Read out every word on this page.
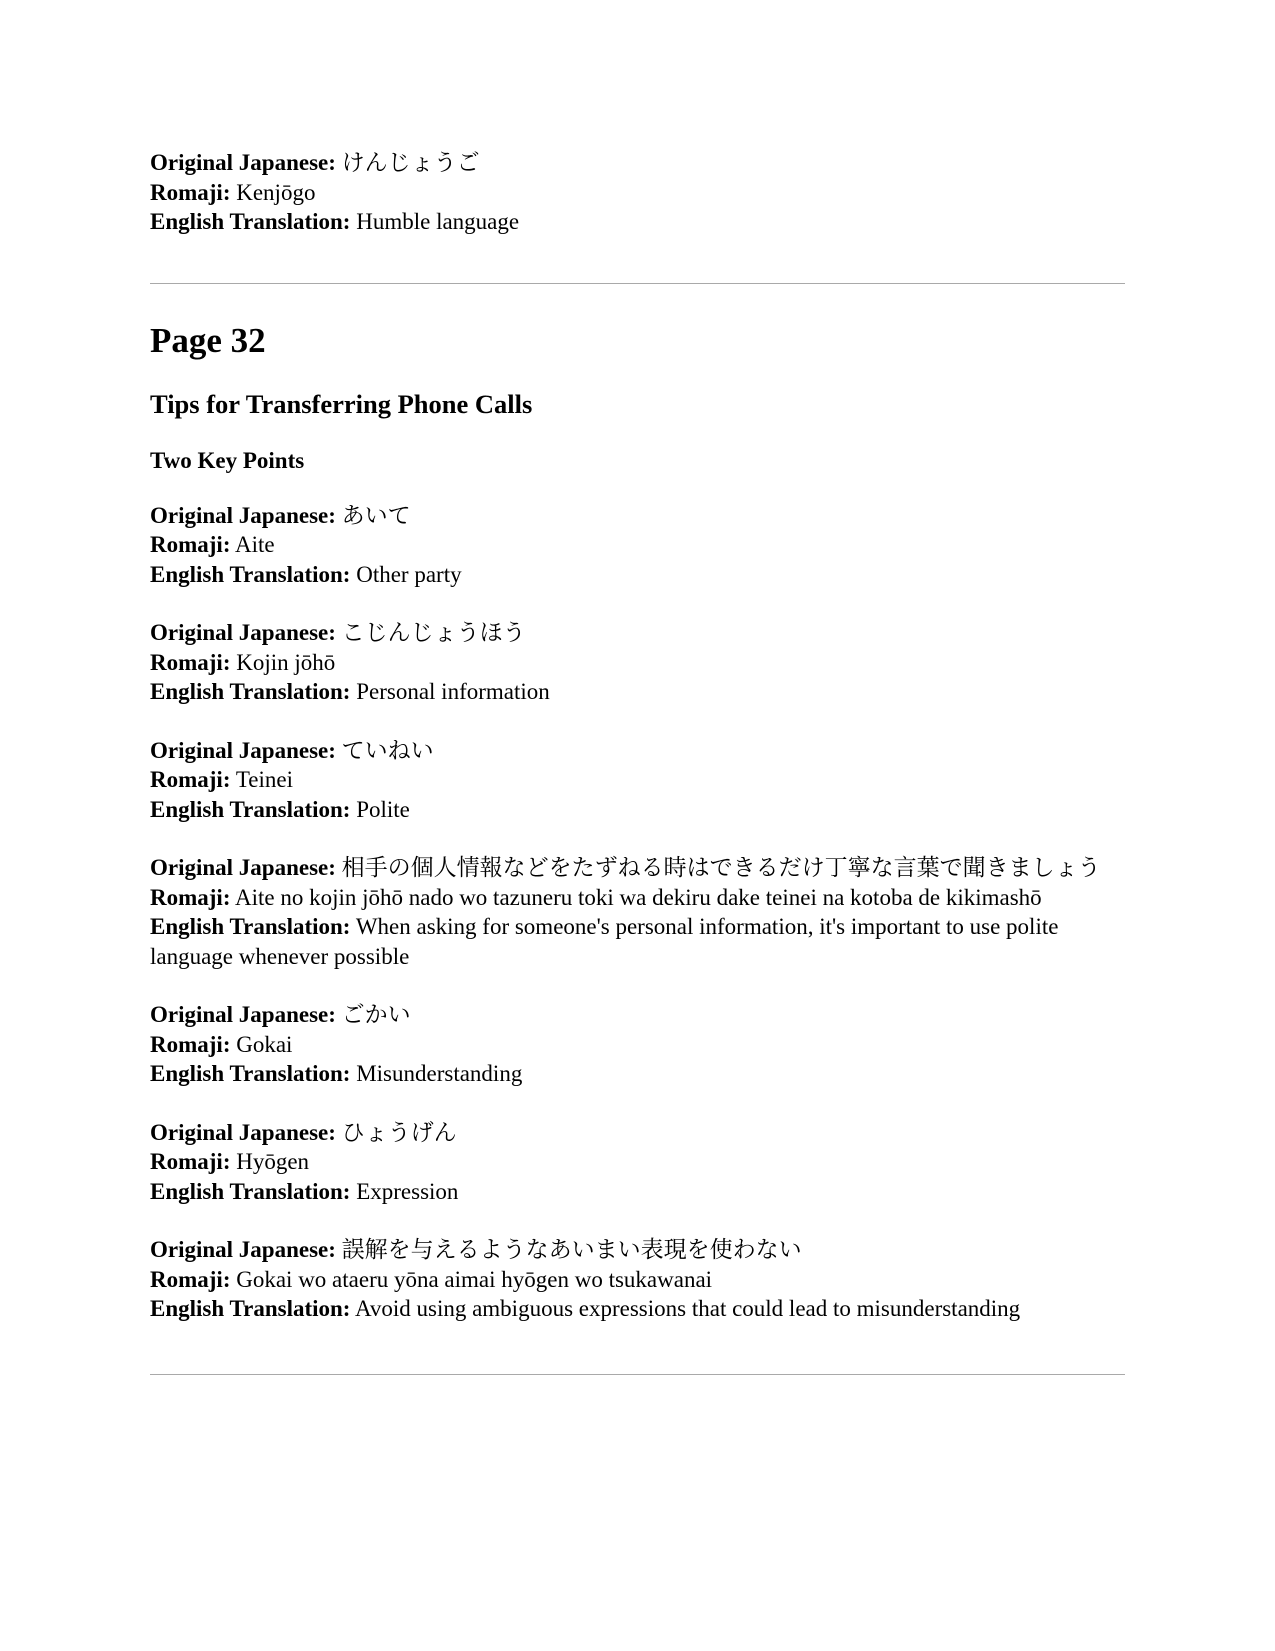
Original Japanese: けんじょうご
Romaji: Kenjōgo
English Translation: Humble language

Page 32
Tips for Transferring Phone Calls
Two Key Points

Original Japanese: あいて
Romaji: Aite
English Translation: Other party

Original Japanese: こじんじょうほう
Romaji: Kojin jōhō
English Translation: Personal information

Original Japanese: ていねい
Romaji: Teinei
English Translation: Polite

Original Japanese: 相手の個人情報などをたずねる時はできるだけ丁寧な言葉で聞きましょう
Romaji: Aite no kojin jōhō nado wo tazuneru toki wa dekiru dake teinei na kotoba de kikimashō
English Translation: When asking for someone's personal information, it's important to use polite language whenever possible

Original Japanese: ごかい
Romaji: Gokai
English Translation: Misunderstanding

Original Japanese: ひょうげん
Romaji: Hyōgen
English Translation: Expression

Original Japanese: 誤解を与えるようなあいまい表現を使わない
Romaji: Gokai wo ataeru yōna aimai hyōgen wo tsukawanai
English Translation: Avoid using ambiguous expressions that could lead to misunderstanding
